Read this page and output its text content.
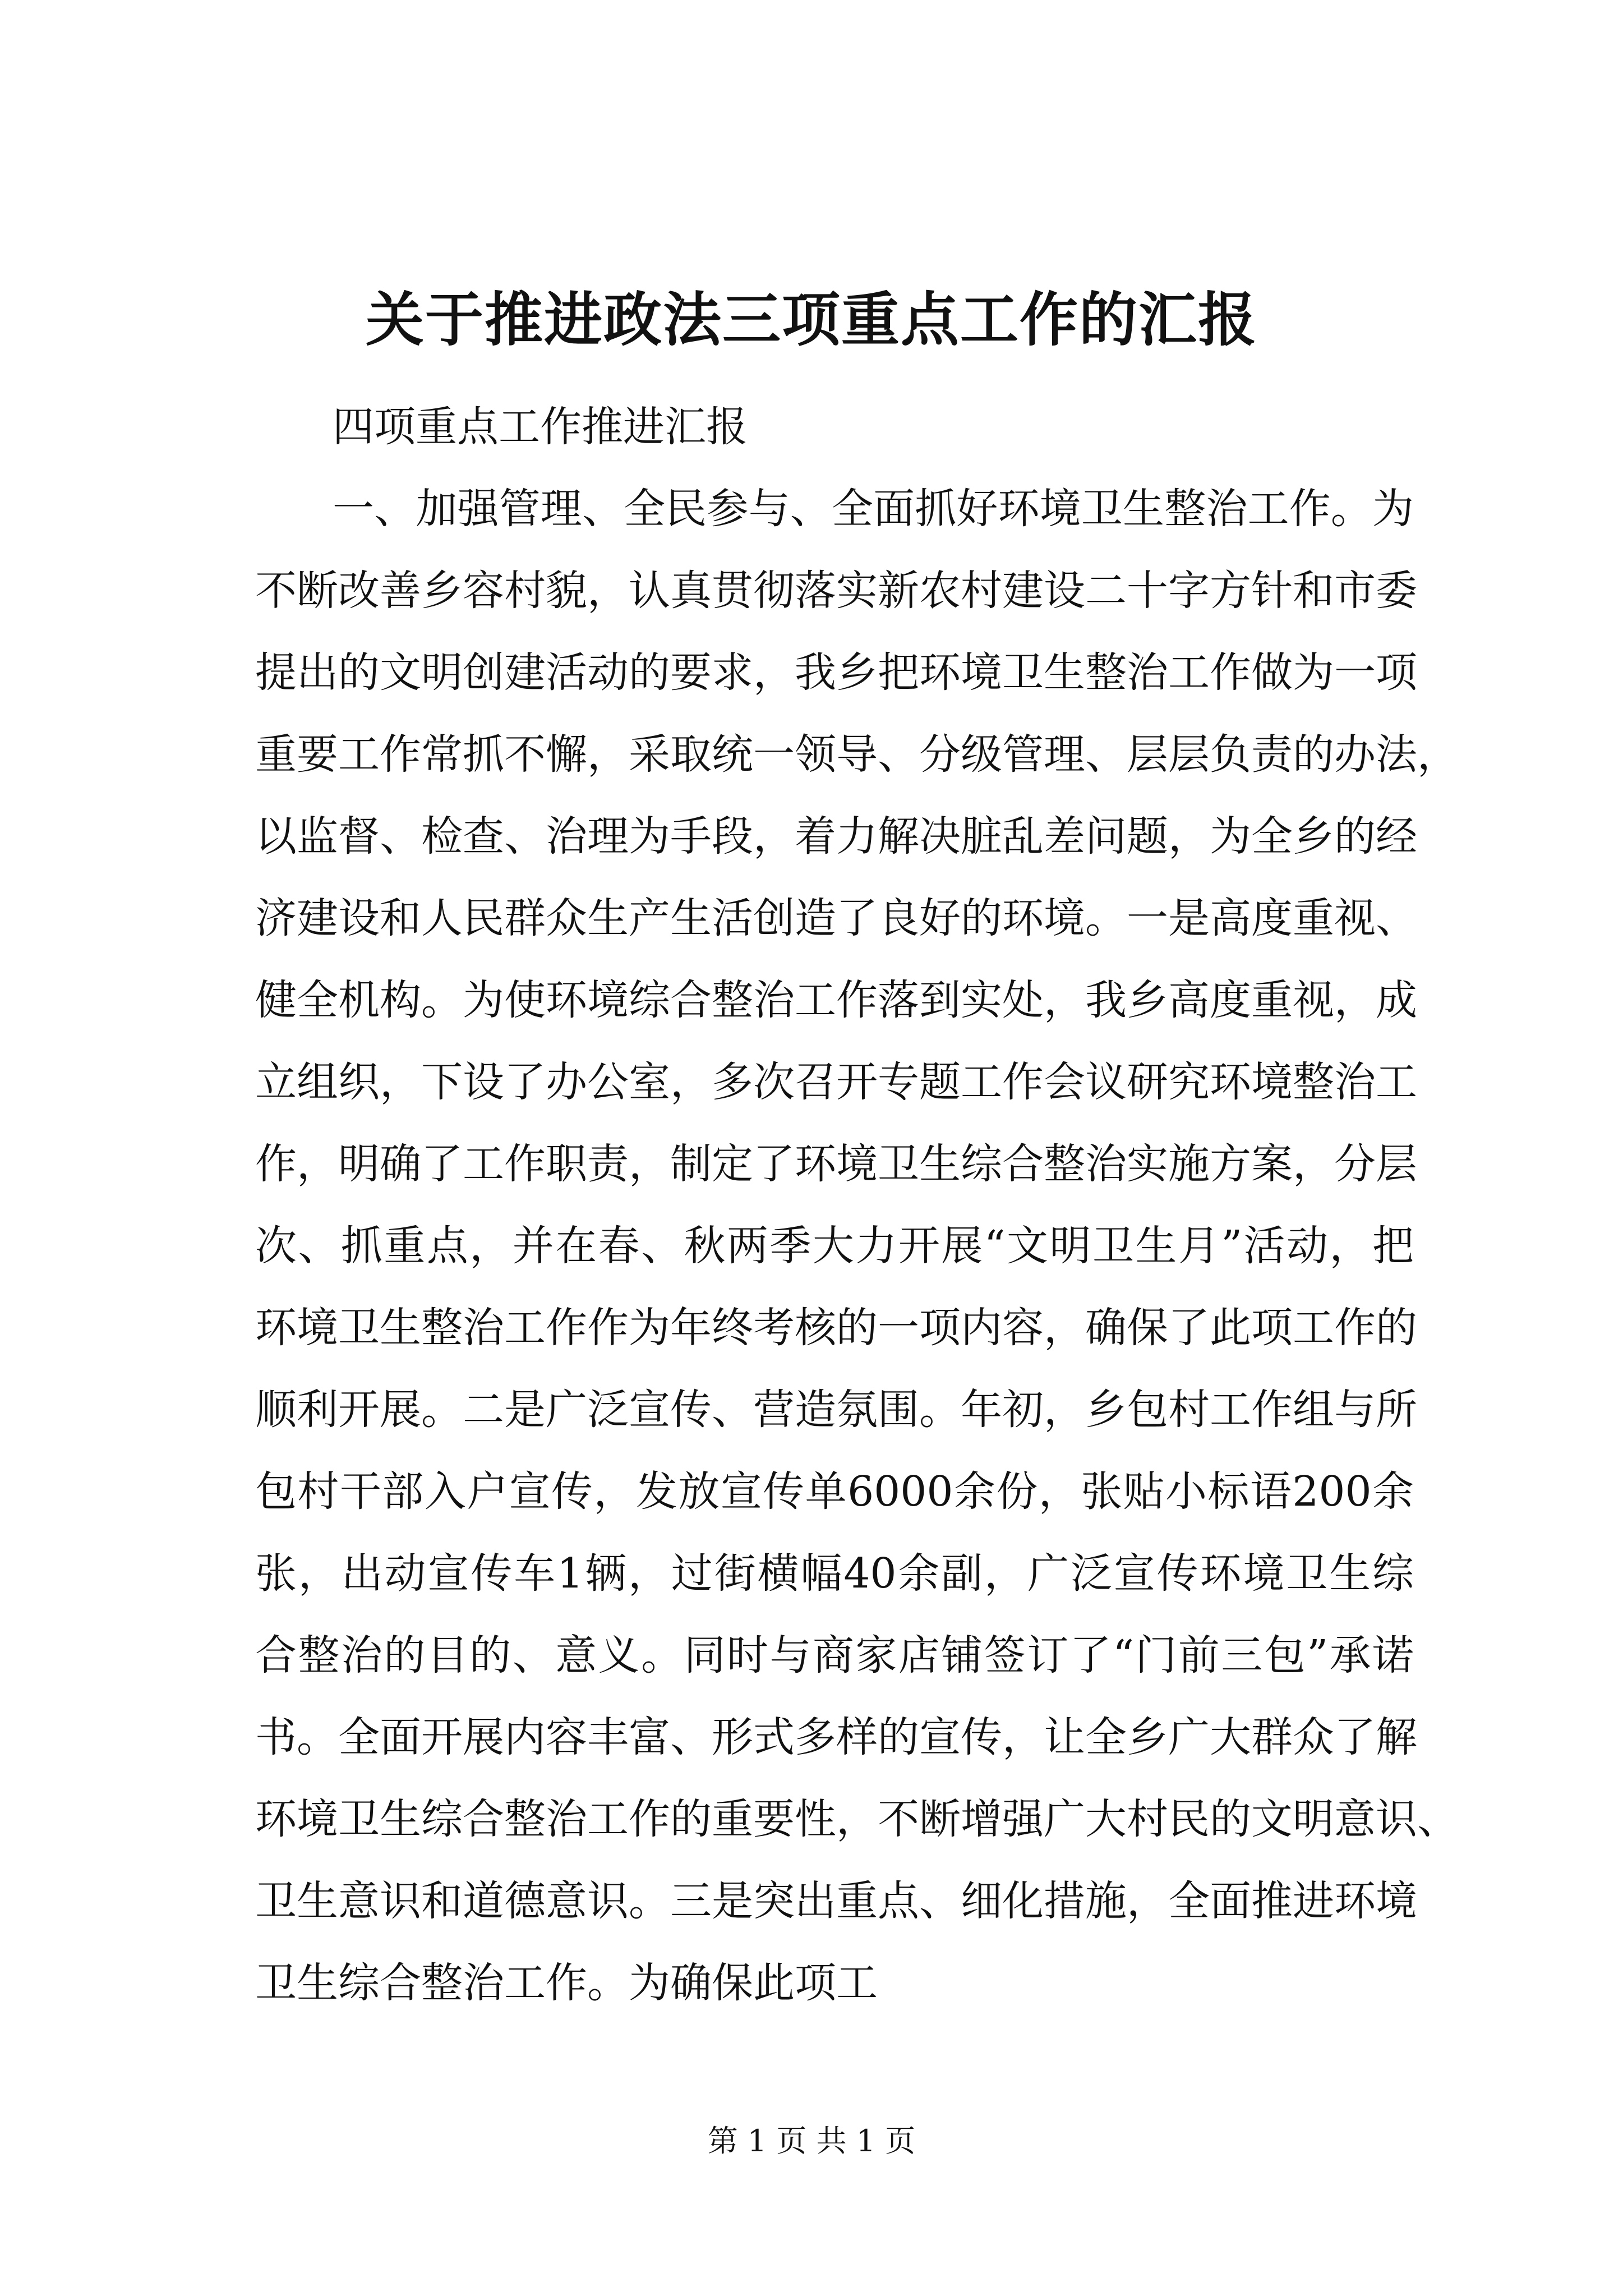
关于推进政法三项重点工作的汇报
四项重点工作推进汇报
一、加强管理、全民参与、全面抓好环境卫生整治工作。为
不断改善乡容村貌，认真贯彻落实新农村建设二十字方针和市委
提出的文明创建活动的要求，我乡把环境卫生整治工作做为一项
重要工作常抓不懈，采取统一领导、分级管理、层层负责的办法，
以监督、检查、治理为手段，着力解决脏乱差问题，为全乡的经
济建设和人民群众生产生活创造了良好的环境。一是高度重视、
健全机构。为使环境综合整治工作落到实处，我乡高度重视，成
立组织，下设了办公室，多次召开专题工作会议研究环境整治工
作，明确了工作职责，制定了环境卫生综合整治实施方案，分层
次、抓重点，并在春、秋两季大力开展“文明卫生月”活动，把
环境卫生整治工作作为年终考核的一项内容，确保了此项工作的
顺利开展。二是广泛宣传、营造氛围。年初，乡包村工作组与所
包村干部入户宣传，发放宣传单6000余份，张贴小标语200余
张，出动宣传车1辆，过街横幅40余副，广泛宣传环境卫生综
合整治的目的、意义。同时与商家店铺签订了“门前三包”承诺
书。全面开展内容丰富、形式多样的宣传，让全乡广大群众了解
环境卫生综合整治工作的重要性，不断增强广大村民的文明意识、
卫生意识和道德意识。三是突出重点、细化措施，全面推进环境
卫生综合整治工作。为确保此项工
第 1 页 共 1 页
